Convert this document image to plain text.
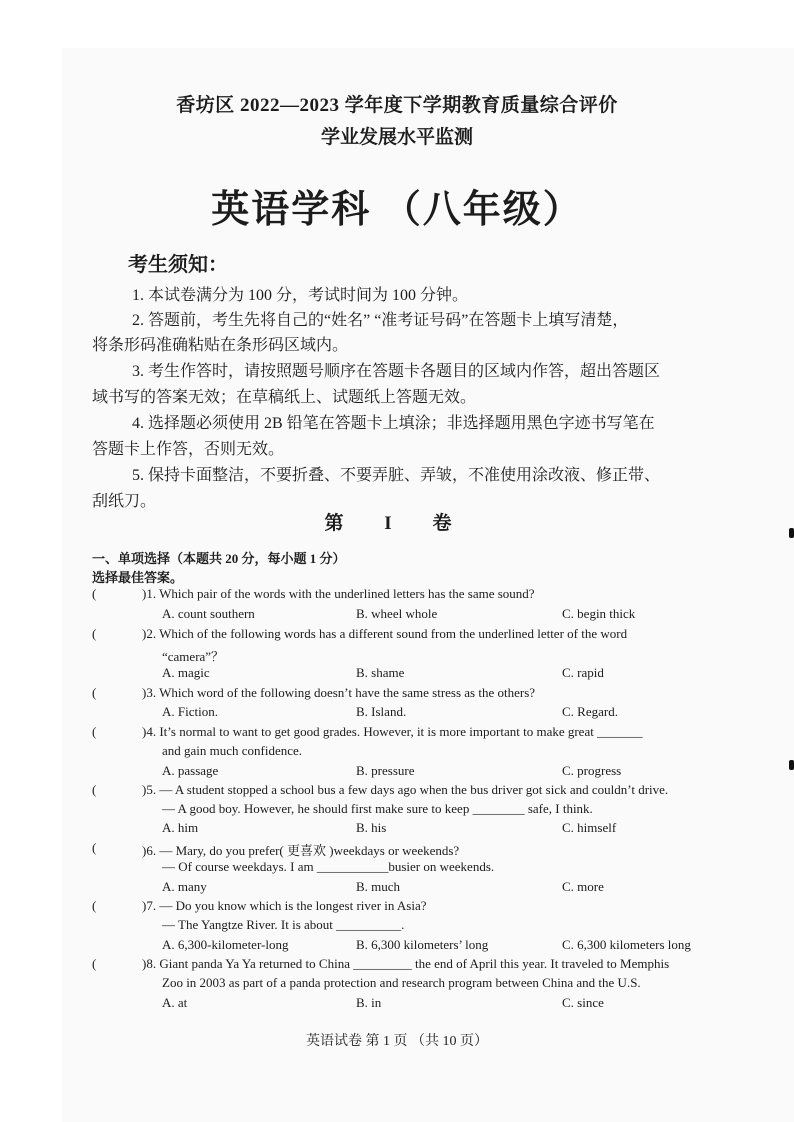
香坊区 2022—2023 学年度下学期教育质量综合评价
学业发展水平监测
英语学科 （八年级）
考生须知：
1. 本试卷满分为 100 分，考试时间为 100 分钟。
2. 答题前，考生先将自己的“姓名” “准考证号码”在答题卡上填写清楚，
将条形码准确粘贴在条形码区域内。
3. 考生作答时，请按照题号顺序在答题卡各题目的区域内作答，超出答题区
域书写的答案无效；在草稿纸上、试题纸上答题无效。
4. 选择题必须使用 2B 铅笔在答题卡上填涂；非选择题用黑色字迹书写笔在
答题卡上作答，否则无效。
5. 保持卡面整洁，不要折叠、不要弄脏、弄皱，不准使用涂改液、修正带、
刮纸刀。
第 I 卷
一、单项选择（本题共 20 分，每小题 1 分）
选择最佳答案。
(	)1. Which pair of the words with the underlined letters has the same sound?
A. count southern	B. wheel whole	C. begin thick
(	)2. Which of the following words has a different sound from the underlined letter of the word
“camera”？
A. magic	B. shame	C. rapid
(	)3. Which word of the following doesn’t have the same stress as the others?
A. Fiction.	B. Island.	C. Regard.
(	)4. It’s normal to want to get good grades. However, it is more important to make great _______
and gain much confidence.
A. passage	B. pressure	C. progress
(	)5. — A student stopped a school bus a few days ago when the bus driver got sick and couldn’t drive.
— A good boy. However, he should first make sure to keep ________ safe, I think.
A. him	B. his	C. himself
(	)6. — Mary, do you prefer( 更喜欢 )weekdays or weekends?
— Of course weekdays. I am ___________busier on weekends.
A. many	B. much	C. more
(	)7. — Do you know which is the longest river in Asia?
— The Yangtze River. It is about __________.
A. 6,300-kilometer-long	B. 6,300 kilometers’ long	C. 6,300 kilometers long
(	)8. Giant panda Ya Ya returned to China _________ the end of April this year. It traveled to Memphis
Zoo in 2003 as part of a panda protection and research program between China and the U.S.
A. at	B. in	C. since
英语试卷 第 1 页 （共 10 页）
